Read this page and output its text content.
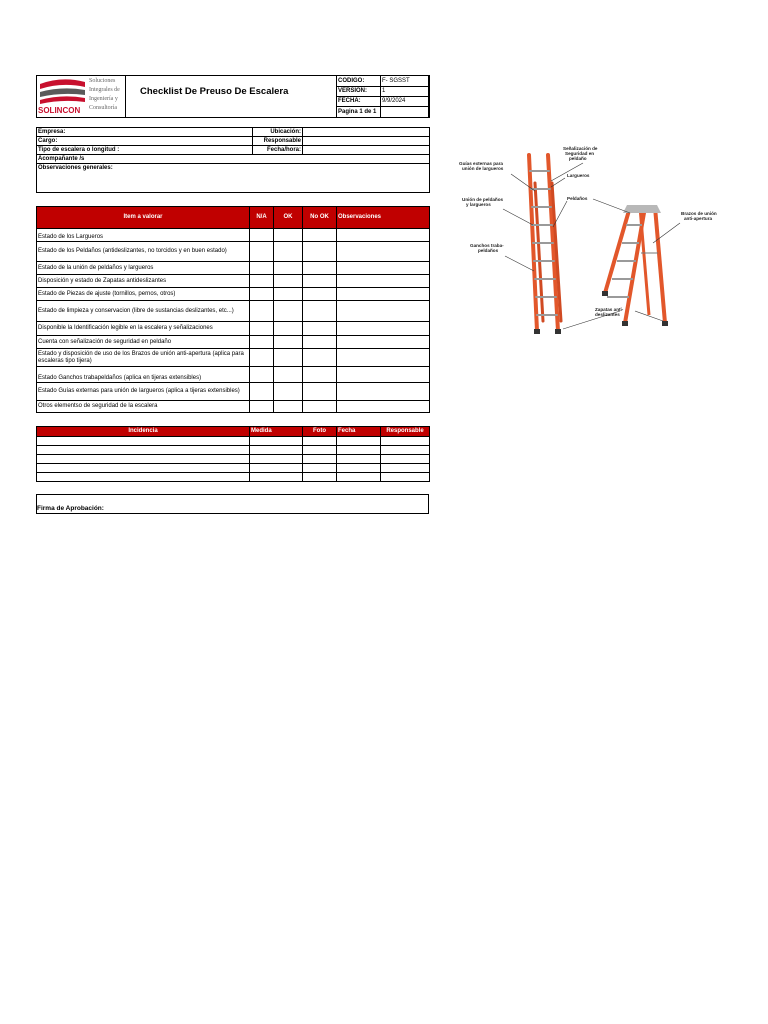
SOLINCON
Soluciones
Integrales de
Ingeniería y
Consultoría
Checklist De Preuso De Escalera
CODIGO:	F- SGSST
VERSION:	1
FECHA:	9/9/2024
Pagina 1 de 1	
Empresa:	Ubicación:	
Cargo:	Responsable	
Tipo de escalera o longitud :	Fecha/hora:	
Acompañante /s		
Observaciones generales:		
Item a valorar	N/A	OK	No OK	Observaciones
Estado de los Largueros				
Estado de los Peldaños (antideslizantes, no torcidos y en buen estado)				
Estado de la unión de peldaños y largueros				
Disposición y estado de Zapatas antideslizantes				
Estado de Piezas de ajuste (tornillos, pernos, otros)				
Estado de limpieza y conservacion (libre de sustancias deslizantes, etc...)				
Disponible la Identificación legible en la escalera y señalizaciones				
Cuenta con señalización de seguridad en peldaño				
Estado y disposición de uso de los Brazos de unión anti-apertura (aplica para escaleras tipo tijera)				
Estado Ganchos trabapeldaños (aplica en tijeras extensibles)				
Estado Guías externas para unión de largueros (aplica a tijeras extensibles)				
Otros elementso de seguridad de la escalera				
Incidencia	Medida	Foto	Fecha	Responsable

Firma de Aprobación:
Señalización de Seguridad en peldaño
Guías externas para unión de largueros
Largueros
Unión de peldaños y largueros
Peldaños
Brazos de unión anti-apertura
Ganchos traba-peldaños
Zapatas anti-deslizantes
